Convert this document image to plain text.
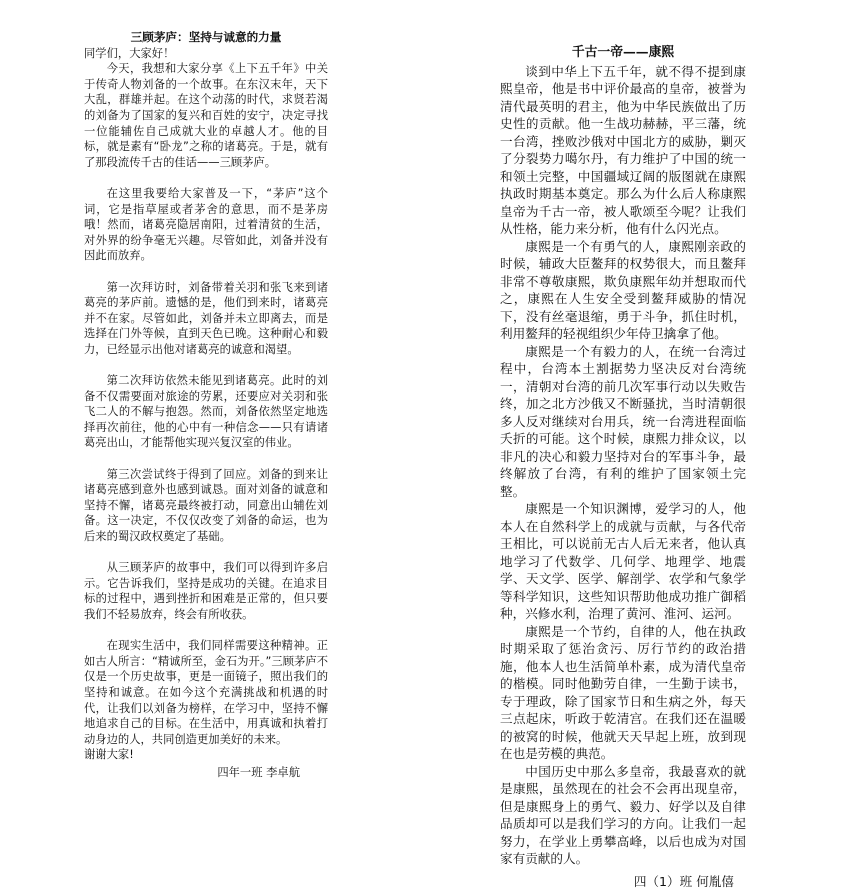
三顾茅庐：坚持与诚意的力量

同学们，大家好！

今天，我想和大家分享《上下五千年》中关于传奇人物刘备的一个故事。在东汉末年，天下大乱，群雄并起。在这个动荡的时代，求贤若渴的刘备为了国家的复兴和百姓的安宁，决定寻找一位能辅佐自己成就大业的卓越人才。他的目标，就是素有“卧龙”之称的诸葛亮。于是，就有了那段流传千古的佳话——三顾茅庐。

在这里我要给大家普及一下，“茅庐”这个词，它是指草屋或者茅舍的意思，而不是茅房哦！然而，诸葛亮隐居南阳，过着清贫的生活，对外界的纷争毫无兴趣。尽管如此，刘备并没有因此而放弃。

第一次拜访时，刘备带着关羽和张飞来到诸葛亮的茅庐前。遗憾的是，他们到来时，诸葛亮并不在家。尽管如此，刘备并未立即离去，而是选择在门外等候，直到天色已晚。这种耐心和毅力，已经显示出他对诸葛亮的诚意和渴望。

第二次拜访依然未能见到诸葛亮。此时的刘备不仅需要面对旅途的劳累，还要应对关羽和张飞二人的不解与抱怨。然而，刘备依然坚定地选择再次前往，他的心中有一种信念——只有请诸葛亮出山，才能帮他实现兴复汉室的伟业。

第三次尝试终于得到了回应。刘备的到来让诸葛亮感到意外也感到诚恳。面对刘备的诚意和坚持不懈，诸葛亮最终被打动，同意出山辅佐刘备。这一决定，不仅仅改变了刘备的命运，也为后来的蜀汉政权奠定了基础。

从三顾茅庐的故事中，我们可以得到许多启示。它告诉我们，坚持是成功的关键。在追求目标的过程中，遇到挫折和困难是正常的，但只要我们不轻易放弃，终会有所收获。

在现实生活中，我们同样需要这种精神。正如古人所言：“精诚所至，金石为开。”三顾茅庐不仅是一个历史故事，更是一面镜子，照出我们的坚持和诚意。在如今这个充满挑战和机遇的时代，让我们以刘备为榜样，在学习中，坚持不懈地追求自己的目标。在生活中，用真诚和执着打动身边的人，共同创造更加美好的未来。

谢谢大家!

四年一班 李卓航

千古一帝——康熙

谈到中华上下五千年，就不得不提到康熙皇帝，他是书中评价最高的皇帝，被誉为清代最英明的君主，他为中华民族做出了历史性的贡献。他一生战功赫赫，平三藩，统一台湾，挫败沙俄对中国北方的威胁，剿灭了分裂势力噶尔丹，有力维护了中国的统一和领土完整，中国疆域辽阔的版图就在康熙执政时期基本奠定。那么为什么后人称康熙皇帝为千古一帝，被人歌颂至今呢？让我们从性格，能力来分析，他有什么闪光点。

康熙是一个有勇气的人，康熙刚亲政的时候，辅政大臣鳌拜的权势很大，而且鳌拜非常不尊敬康熙，欺负康熙年幼并想取而代之，康熙在人生安全受到鳌拜威胁的情况下，没有丝毫退缩，勇于斗争，抓住时机，利用鳌拜的轻视组织少年侍卫擒拿了他。

康熙是一个有毅力的人，在统一台湾过程中，台湾本土割据势力坚决反对台湾统一，清朝对台湾的前几次军事行动以失败告终，加之北方沙俄又不断骚扰，当时清朝很多人反对继续对台用兵，统一台湾进程面临夭折的可能。这个时候，康熙力排众议，以非凡的决心和毅力坚持对台的军事斗争，最终解放了台湾，有利的维护了国家领土完整。

康熙是一个知识渊博，爱学习的人，他本人在自然科学上的成就与贡献，与各代帝王相比，可以说前无古人后无来者，他认真地学习了代数学、几何学、地理学、地震学、天文学、医学、解剖学、农学和气象学等科学知识，这些知识帮助他成功推广御稻种，兴修水利，治理了黄河、淮河、运河。

康熙是一个节约，自律的人，他在执政时期采取了惩治贪污、厉行节约的政治措施，他本人也生活简单朴素，成为清代皇帝的楷模。同时他勤劳自律，一生勤于读书，专于理政，除了国家节日和生病之外，每天三点起床，听政于乾清宫。在我们还在温暖的被窝的时候，他就天天早起上班，放到现在也是劳模的典范。

中国历史中那么多皇帝，我最喜欢的就是康熙，虽然现在的社会不会再出现皇帝，但是康熙身上的勇气、毅力、好学以及自律品质却可以是我们学习的方向。让我们一起努力，在学业上勇攀高峰，以后也成为对国家有贡献的人。

四（1）班 何胤僖
